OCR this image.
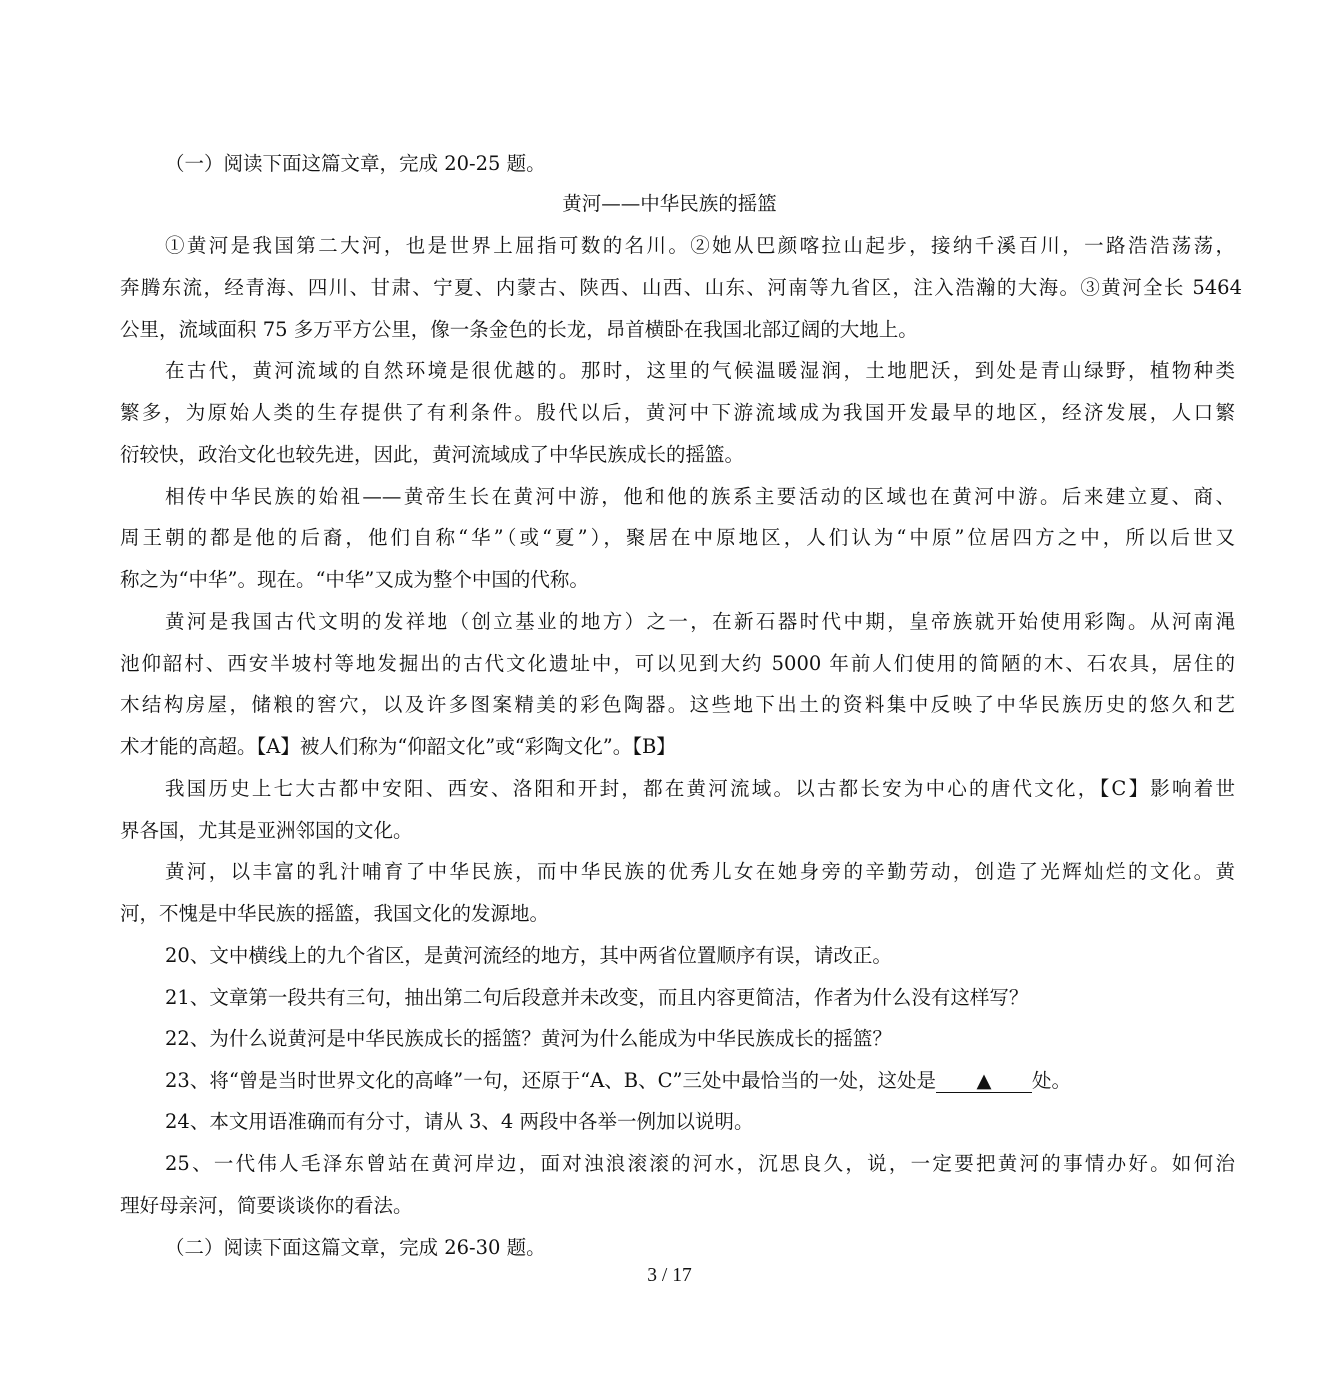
（一）阅读下面这篇文章，完成 20-25 题。
黄河——中华民族的摇篮
①黄河是我国第二大河，也是世界上屈指可数的名川。②她从巴颜喀拉山起步，接纳千溪百川，一路浩浩荡荡，
奔腾东流，经青海、四川、甘肃、宁夏、内蒙古、陕西、山西、山东、河南等九省区，注入浩瀚的大海。③黄河全长 5464
公里，流域面积 75 多万平方公里，像一条金色的长龙，昂首横卧在我国北部辽阔的大地上。
在古代，黄河流域的自然环境是很优越的。那时，这里的气候温暖湿润，土地肥沃，到处是青山绿野，植物种类
繁多，为原始人类的生存提供了有利条件。殷代以后，黄河中下游流域成为我国开发最早的地区，经济发展，人口繁
衍较快，政治文化也较先进，因此，黄河流域成了中华民族成长的摇篮。
相传中华民族的始祖——黄帝生长在黄河中游，他和他的族系主要活动的区域也在黄河中游。后来建立夏、商、
周王朝的都是他的后裔，他们自称“华”（或“夏”），聚居在中原地区，人们认为“中原”位居四方之中，所以后世又
称之为“中华”。现在。“中华”又成为整个中国的代称。
黄河是我国古代文明的发祥地（创立基业的地方）之一，在新石器时代中期，皇帝族就开始使用彩陶。从河南渑
池仰韶村、西安半坡村等地发掘出的古代文化遗址中，可以见到大约 5000 年前人们使用的简陋的木、石农具，居住的
木结构房屋，储粮的窖穴，以及许多图案精美的彩色陶器。这些地下出土的资料集中反映了中华民族历史的悠久和艺
术才能的高超。【A】被人们称为“仰韶文化”或“彩陶文化”。【B】
我国历史上七大古都中安阳、西安、洛阳和开封，都在黄河流域。以古都长安为中心的唐代文化，【C】影响着世
界各国，尤其是亚洲邻国的文化。
黄河，以丰富的乳汁哺育了中华民族，而中华民族的优秀儿女在她身旁的辛勤劳动，创造了光辉灿烂的文化。黄
河，不愧是中华民族的摇篮，我国文化的发源地。
20、文中横线上的九个省区，是黄河流经的地方，其中两省位置顺序有误，请改正。
21、文章第一段共有三句，抽出第二句后段意并未改变，而且内容更简洁，作者为什么没有这样写？
22、为什么说黄河是中华民族成长的摇篮？黄河为什么能成为中华民族成长的摇篮？
23、将“曾是当时世界文化的高峰”一句，还原于“A、B、C”三处中最恰当的一处，这处是 ▲ 处。
24、本文用语准确而有分寸，请从 3、4 两段中各举一例加以说明。
25、一代伟人毛泽东曾站在黄河岸边，面对浊浪滚滚的河水，沉思良久，说，一定要把黄河的事情办好。如何治
理好母亲河，简要谈谈你的看法。
（二）阅读下面这篇文章，完成 26-30 题。
3 / 17
